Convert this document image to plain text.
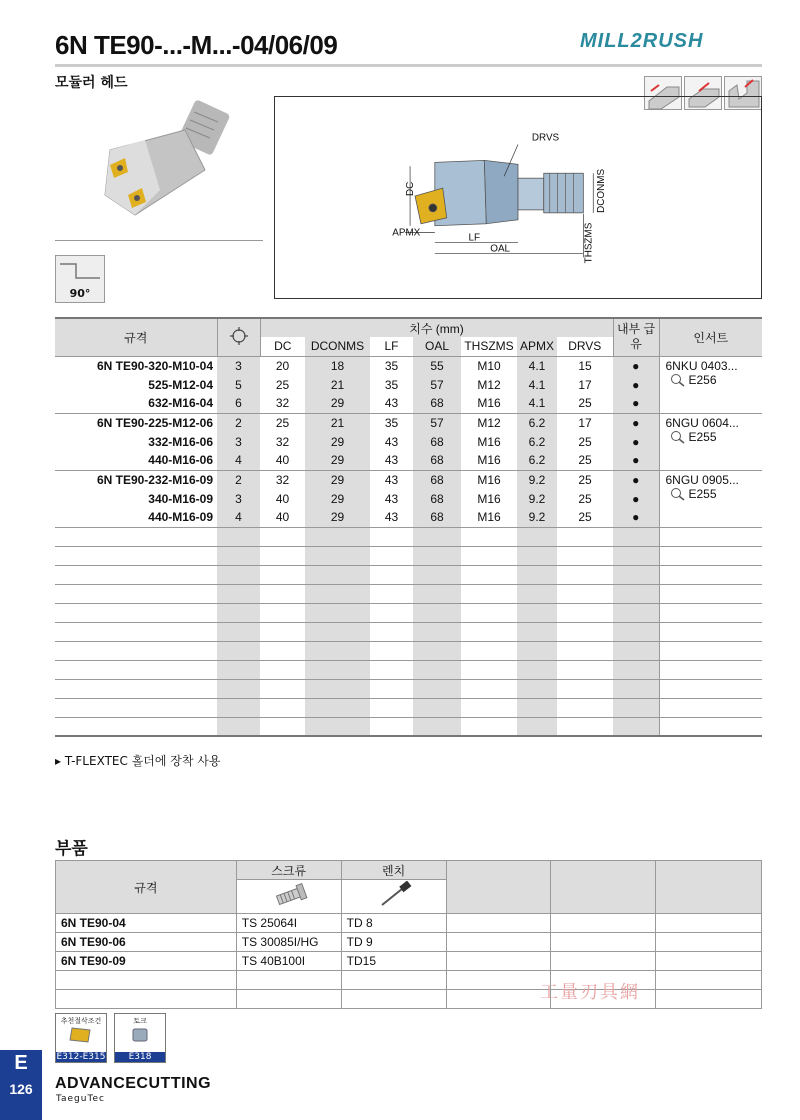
6N TE90-...-M...-04/06/09	MILL2RUSH
모듈러 헤드
90°
DRVS
DC
APMX	LF
OAL
DCONMS
THSZMS
규격		치수 (mm)							내부 급유	인서트
		DC	DCONMS	LF	OAL	THSZMS	APMX	DRVS		
6N TE90-320-M10-04	3	20	18	35	55	M10	4.1	15	●	6NKU 0403...
E256

525-M12-04	5	25	21	35	57	M12	4.1	17	●	
632-M16-04	6	32	29	43	68	M16	4.1	25	●	
6N TE90-225-M12-06	2	25	21	35	57	M12	6.2	17	●	6NGU 0604...
E255

332-M16-06	3	32	29	43	68	M16	6.2	25	●	
440-M16-06	4	40	29	43	68	M16	6.2	25	●	
6N TE90-232-M16-09	2	32	29	43	68	M16	9.2	25	●	6NGU 0905...
E255

340-M16-09	3	40	29	43	68	M16	9.2	25	●	
440-M16-09	4	40	29	43	68	M16	9.2	25	●	

▸ T-FLEXTEC 홀더에 장착 사용
부품
규격	스크류	렌치			

6N TE90-04	TS 25064I	TD 8			
6N TE90-06	TS 30085I/HG	TD 9			
6N TE90-09	TS 40B100I	TD15			

工量刃具網
추천절삭조건
E312-E315
토크
E318
E
126	ADVANCECUTTING
TaeguTec
